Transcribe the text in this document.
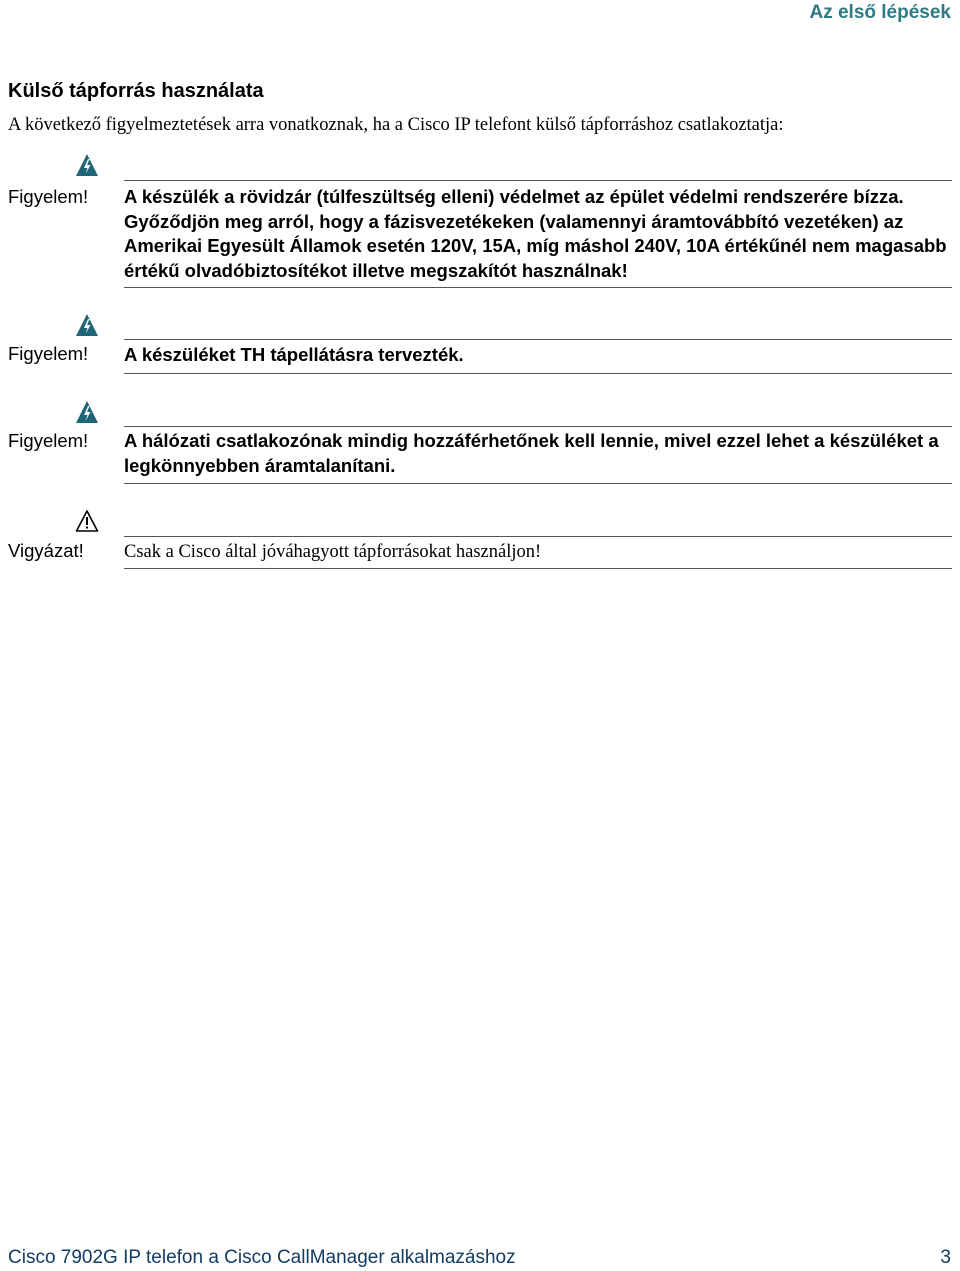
Az első lépések
Külső tápforrás használata
A következő figyelmeztetések arra vonatkoznak, ha a Cisco IP telefont külső tápforráshoz csatlakoztatja:
Figyelem! A készülék a rövidzár (túlfeszültség elleni) védelmet az épület védelmi rendszerére bízza. Győződjön meg arról, hogy a fázisvezetékeken (valamennyi áramtovábbító vezetéken) az Amerikai Egyesült Államok esetén 120V, 15A, míg máshol 240V, 10A értékűnél nem magasabb értékű olvadóbiztosítékot illetve megszakítót használnak!
Figyelem! A készüléket TH tápellátásra tervezték.
Figyelem! A hálózati csatlakozónak mindig hozzáférhetőnek kell lennie, mivel ezzel lehet a készüléket a legkönnyebben áramtalanítani.
Vigyázat! Csak a Cisco által jóváhagyott tápforrásokat használjon!
Cisco 7902G IP telefon a Cisco CallManager alkalmazáshoz	3
